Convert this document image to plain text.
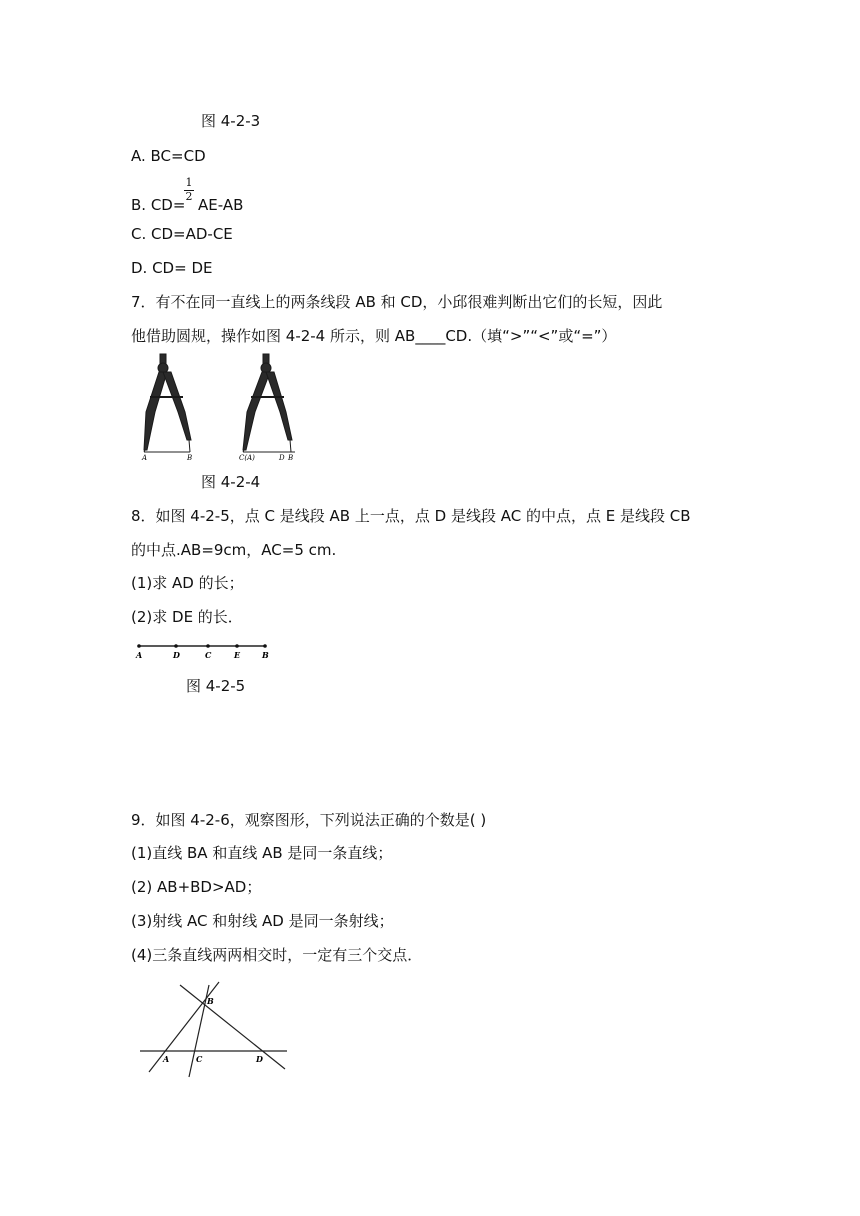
图 4-2-3
A. BC=CD
1
2
B. CD= AE-AB
C. CD=AD-CE
D. CD= DE
7．有不在同一直线上的两条线段 AB 和 CD，小邱很难判断出它们的长短，因此
他借助圆规，操作如图 4-2-4 所示，则 AB____CD.（填“>”“<”或“=”）
A	B	C(A)	D B
图 4-2-4
8．如图 4-2-5，点 C 是线段 AB 上一点，点 D 是线段 AC 的中点，点 E 是线段 CB
的中点.AB=9cm，AC=5 cm.
(1)求 AD 的长；
(2)求 DE 的长．
A	D	C	E	B
图 4-2-5
9．如图 4-2-6，观察图形，下列说法正确的个数是( )
(1)直线 BA 和直线 AB 是同一条直线；
(2) AB+BD>AD；
(3)射线 AC 和射线 AD 是同一条射线；
(4)三条直线两两相交时，一定有三个交点．
B
A	C	D
